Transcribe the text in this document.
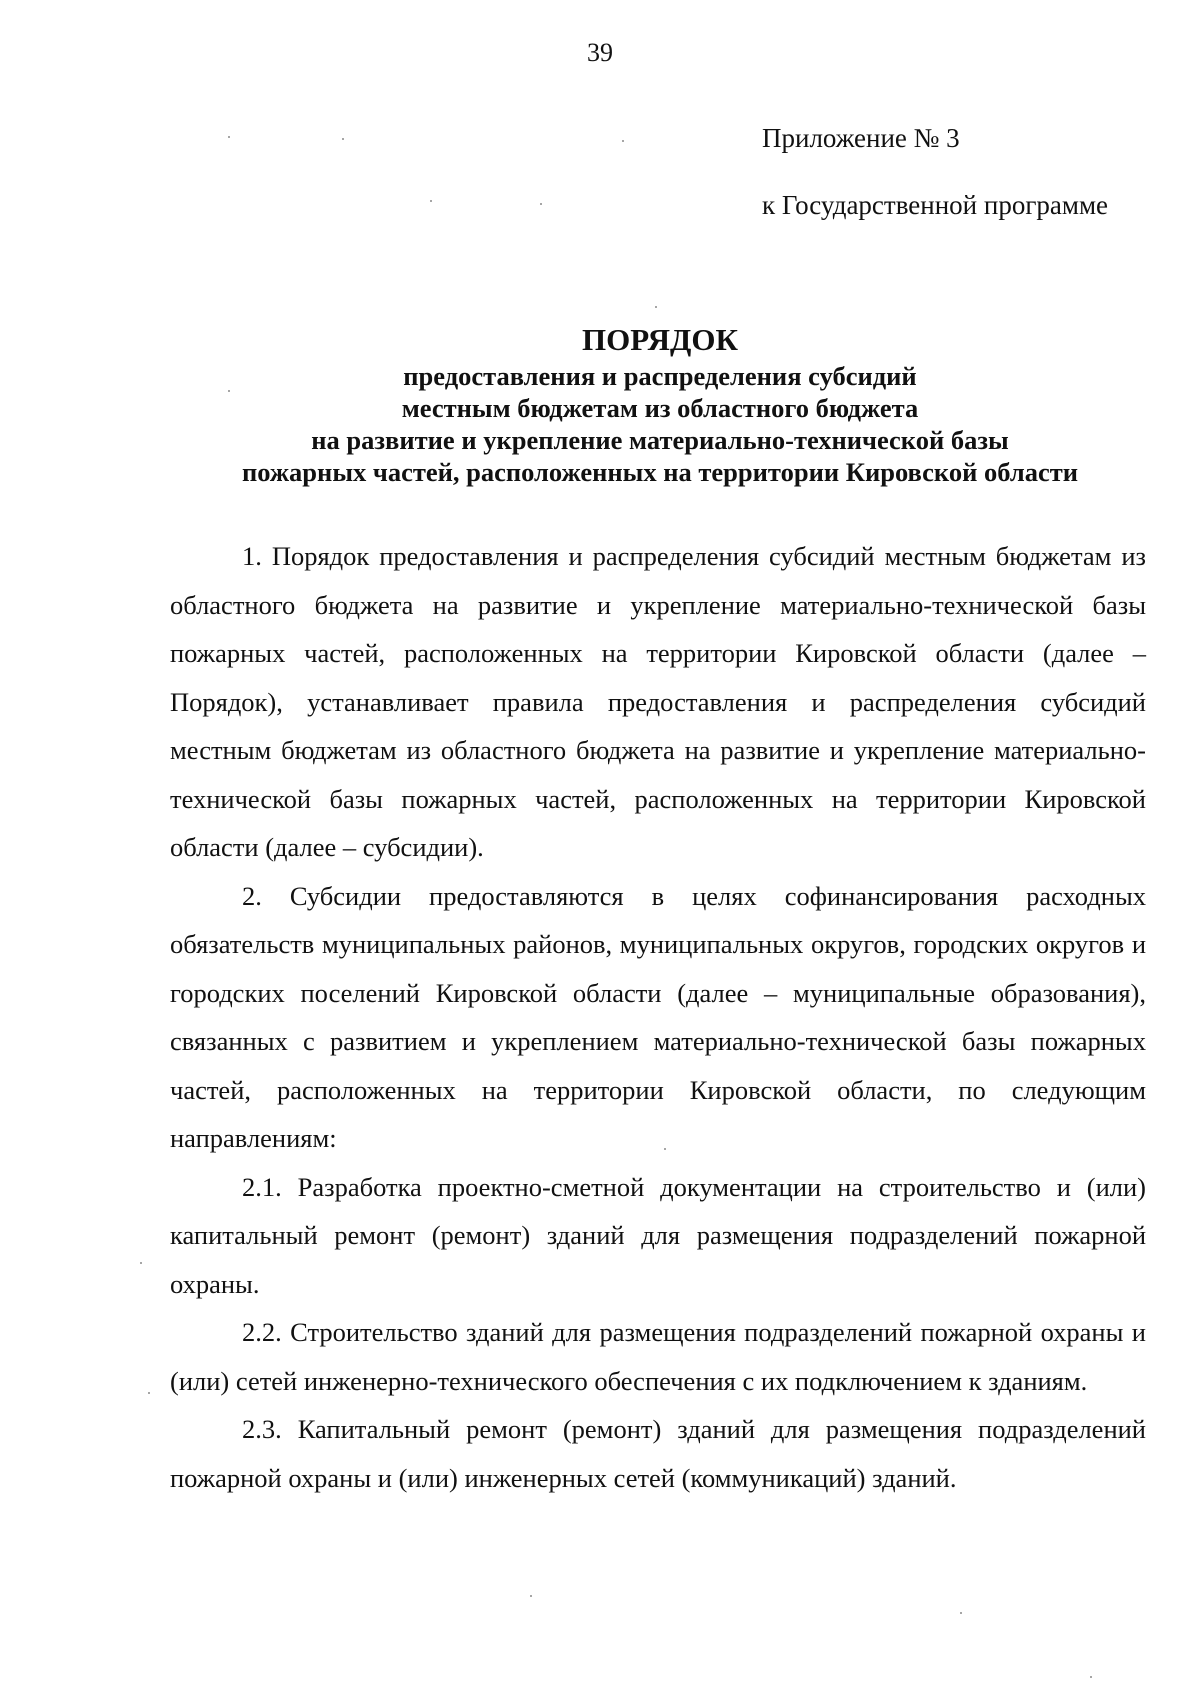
39
Приложение № 3
к Государственной программе

ПОРЯДОК

предоставления и распределения субсидий

местным бюджетам из областного бюджета

на развитие и укрепление материально-технической базы

пожарных частей, расположенных на территории Кировской области

1. Порядок предоставления и распределения субсидий местным бюджетам из областного бюджета на развитие и укрепление материально-технической базы пожарных частей, расположенных на территории Кировской области (далее – Порядок), устанавливает правила предоставления и распределения субсидий местным бюджетам из областного бюджета на развитие и укрепление материально-технической базы пожарных частей, расположенных на территории Кировской области (далее – субсидии).

2. Субсидии предоставляются в целях софинансирования расходных обязательств муниципальных районов, муниципальных округов, городских округов и городских поселений Кировской области (далее – муниципальные образования), связанных с развитием и укреплением материально-технической базы пожарных частей, расположенных на территории Кировской области, по следующим направлениям:

2.1. Разработка проектно-сметной документации на строительство и (или) капитальный ремонт (ремонт) зданий для размещения подразделений пожарной охраны.

2.2. Строительство зданий для размещения подразделений пожарной охраны и (или) сетей инженерно-технического обеспечения с их подключением к зданиям.

2.3. Капитальный ремонт (ремонт) зданий для размещения подразделений пожарной охраны и (или) инженерных сетей (коммуникаций) зданий.
